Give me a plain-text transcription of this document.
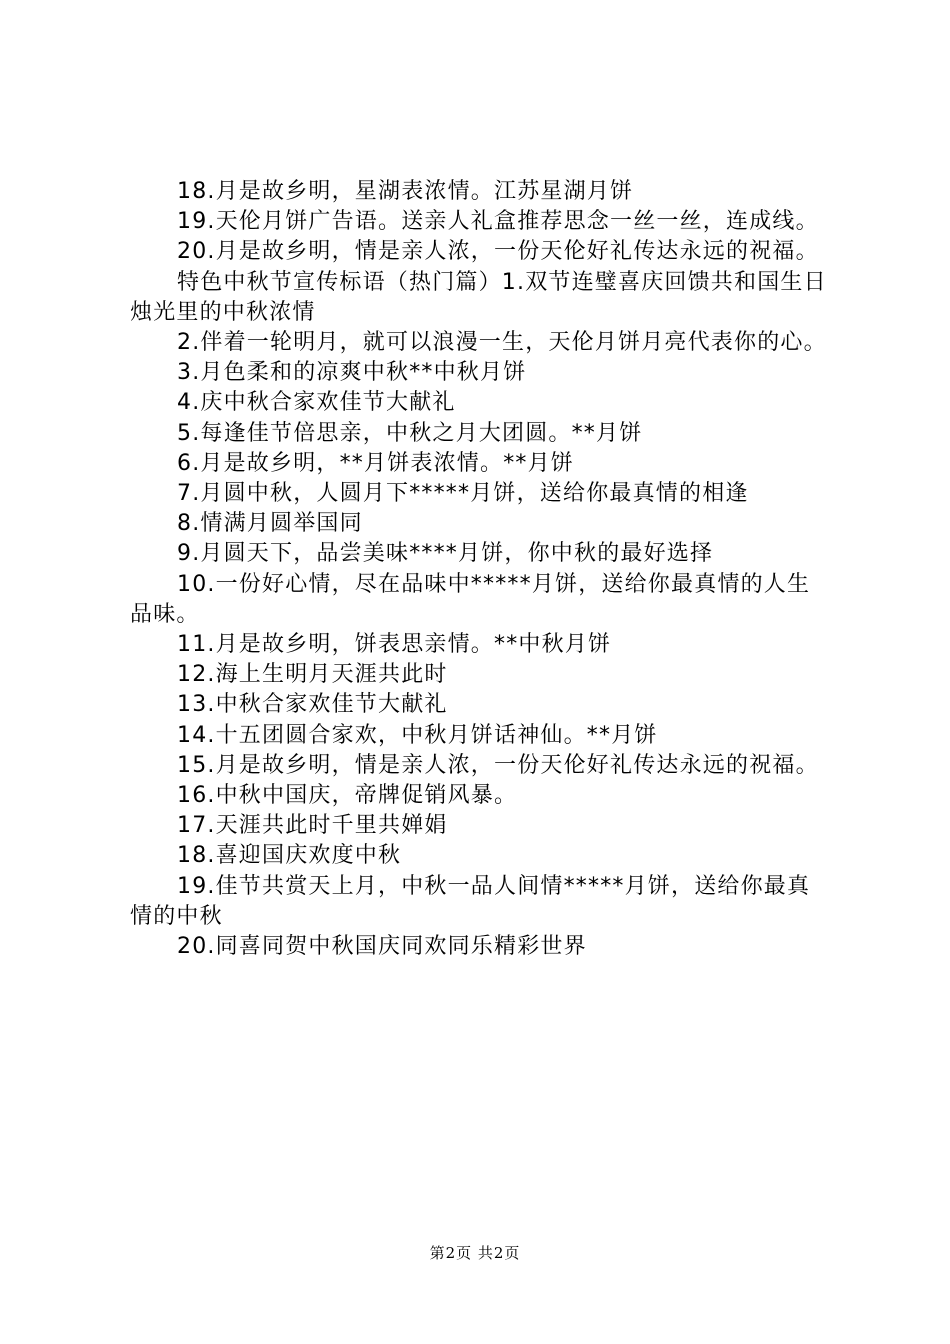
18.月是故乡明，星湖表浓情。江苏星湖月饼

19.天伦月饼广告语。送亲人礼盒推荐思念一丝一丝，连成线。

20.月是故乡明，情是亲人浓，一份天伦好礼传达永远的祝福。

特色中秋节宣传标语（热门篇）1.双节连璧喜庆回馈共和国生日烛光里的中秋浓情

2.伴着一轮明月，就可以浪漫一生，天伦月饼月亮代表你的心。

3.月色柔和的凉爽中秋**中秋月饼

4.庆中秋合家欢佳节大献礼

5.每逢佳节倍思亲，中秋之月大团圆。**月饼

6.月是故乡明，**月饼表浓情。**月饼

7.月圆中秋，人圆月下*****月饼，送给你最真情的相逢

8.情满月圆举国同

9.月圆天下，品尝美味****月饼，你中秋的最好选择

10.一份好心情，尽在品味中*****月饼，送给你最真情的人生品味。

11.月是故乡明，饼表思亲情。**中秋月饼

12.海上生明月天涯共此时

13.中秋合家欢佳节大献礼

14.十五团圆合家欢，中秋月饼话神仙。**月饼

15.月是故乡明，情是亲人浓，一份天伦好礼传达永远的祝福。

16.中秋中国庆，帝牌促销风暴。

17.天涯共此时千里共婵娟

18.喜迎国庆欢度中秋

19.佳节共赏天上月，中秋一品人间情*****月饼，送给你最真情的中秋

20.同喜同贺中秋国庆同欢同乐精彩世界

第2页 共2页
